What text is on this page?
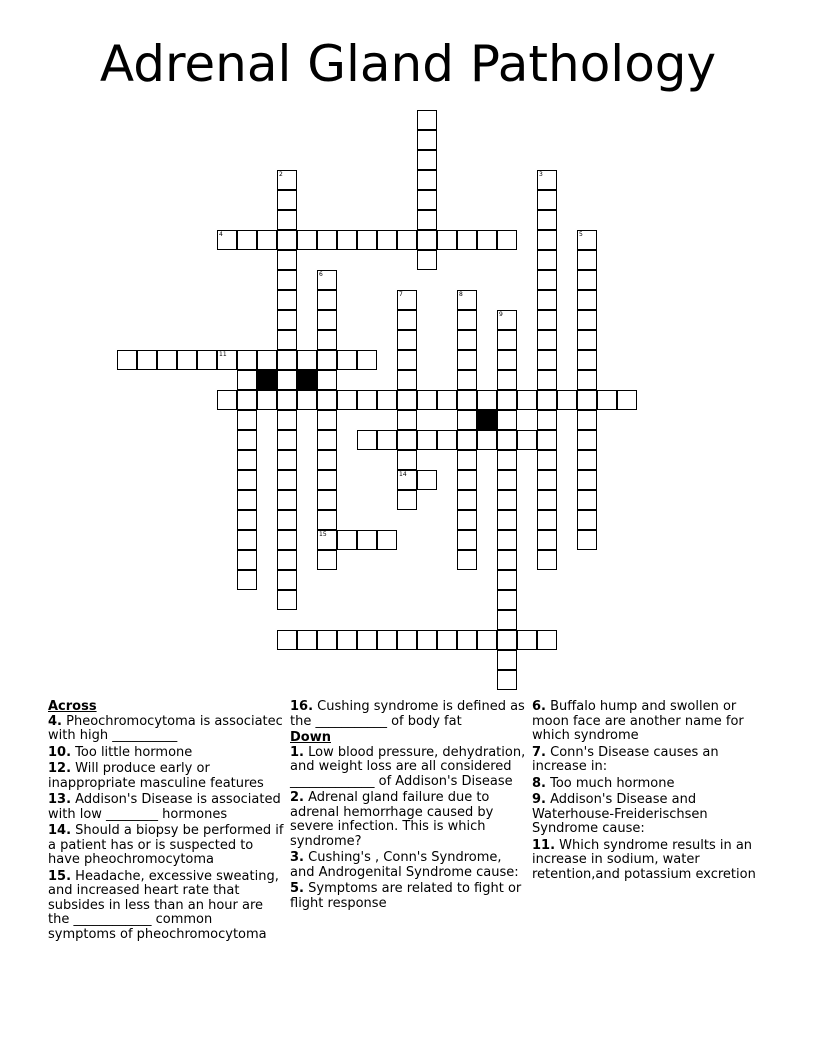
Adrenal Gland Pathology
2	3
4	5
6
15
7
14
8
9
11

Across

4. Pheochromocytoma is associatec with high __________

10. Too little hormone

12. Will produce early or inappropriate masculine features

13. Addison's Disease is associated with low ________ hormones

14. Should a biopsy be performed if a patient has or is suspected to have pheochromocytoma

15. Headache, excessive sweating, and increased heart rate that subsides in less than an hour are the ____________ common symptoms of pheochromocytoma

16. Cushing syndrome is defined as the ___________ of body fat

Down

1. Low blood pressure, dehydration, and weight loss are all considered _____________ of Addison's Disease

2. Adrenal gland failure due to adrenal hemorrhage caused by severe infection. This is which syndrome?

3. Cushing's , Conn's Syndrome, and Androgenital Syndrome cause:

5. Symptoms are related to fight or flight response

6. Buffalo hump and swollen or moon face are another name for which syndrome

7. Conn's Disease causes an increase in:

8. Too much hormone

9. Addison's Disease and Waterhouse-Freiderischsen Syndrome cause:

11. Which syndrome results in an increase in sodium, water retention,and potassium excretion
